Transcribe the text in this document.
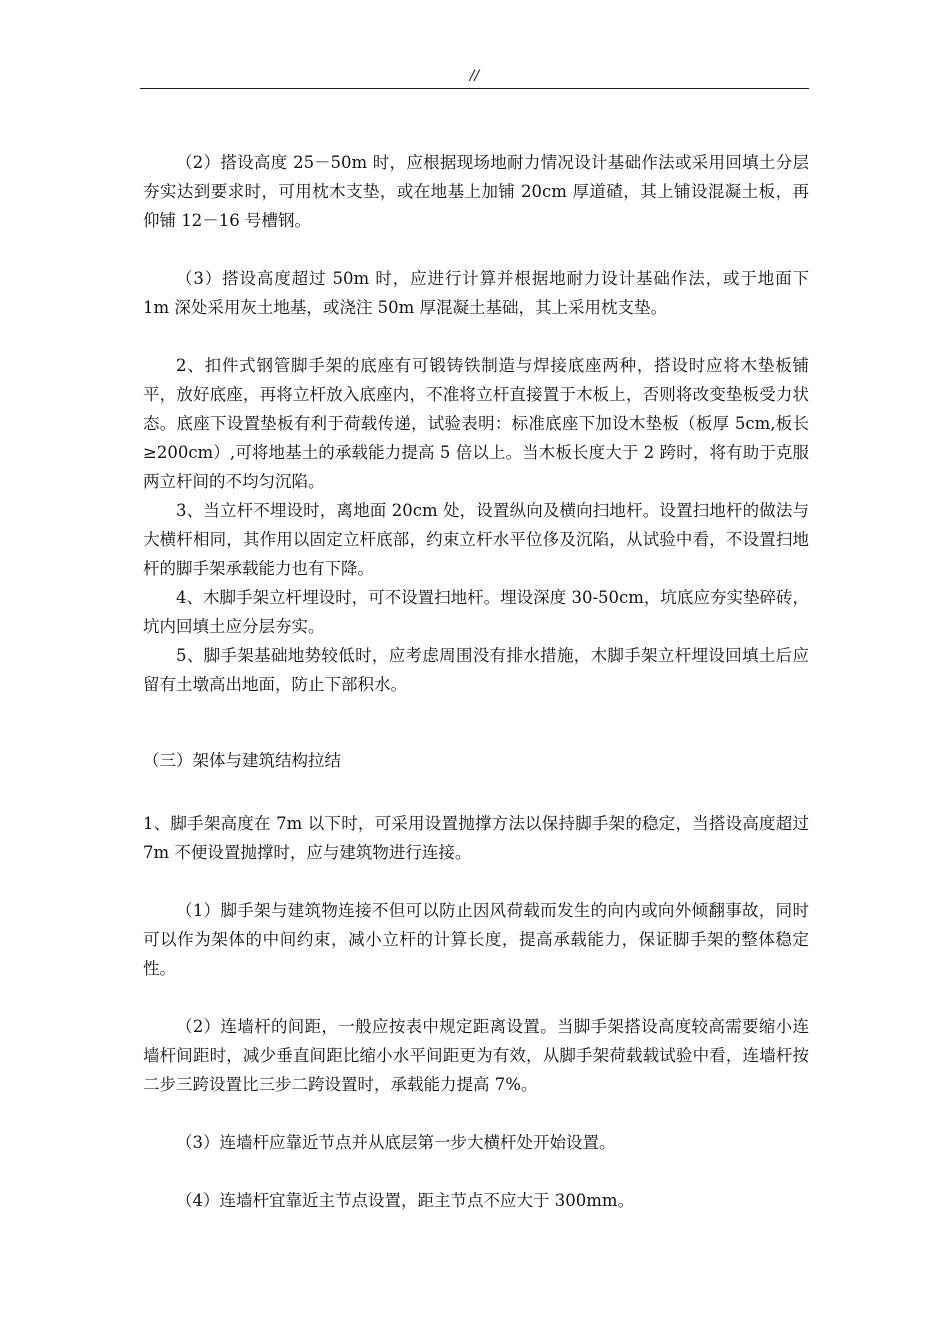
//

（2）搭设高度 25－50m 时，应根据现场地耐力情况设计基础作法或采用回填土分层夯实达到要求时，可用枕木支垫，或在地基上加铺 20cm 厚道碴，其上铺设混凝土板，再仰铺 12－16 号槽钢。

（3）搭设高度超过 50m 时，应进行计算并根据地耐力设计基础作法，或于地面下 1m 深处采用灰土地基，或浇注 50m 厚混凝土基础，其上采用枕支垫。

2、扣件式钢管脚手架的底座有可锻铸铁制造与焊接底座两种，搭设时应将木垫板铺平，放好底座，再将立杆放入底座内，不准将立杆直接置于木板上，否则将改变垫板受力状态。底座下设置垫板有利于荷载传递，试验表明：标准底座下加设木垫板（板厚 5cm,板长≥200cm）,可将地基土的承载能力提高 5 倍以上。当木板长度大于 2 跨时，将有助于克服两立杆间的不均匀沉陷。

3、当立杆不埋设时，离地面 20cm 处，设置纵向及横向扫地杆。设置扫地杆的做法与大横杆相同，其作用以固定立杆底部，约束立杆水平位侈及沉陷，从试验中看，不设置扫地杆的脚手架承载能力也有下降。

4、木脚手架立杆埋设时，可不设置扫地杆。埋设深度 30-50cm，坑底应夯实垫碎砖，坑内回填土应分层夯实。

5、脚手架基础地势较低时，应考虑周围没有排水措施，木脚手架立杆埋设回填土后应留有土墩高出地面，防止下部积水。

（三）架体与建筑结构拉结

1、脚手架高度在 7m 以下时，可采用设置抛撑方法以保持脚手架的稳定，当搭设高度超过 7m 不便设置抛撑时，应与建筑物进行连接。

（1）脚手架与建筑物连接不但可以防止因风荷载而发生的向内或向外倾翻事故，同时可以作为架体的中间约束，减小立杆的计算长度，提高承载能力，保证脚手架的整体稳定性。

（2）连墙杆的间距，一般应按表中规定距离设置。当脚手架搭设高度较高需要缩小连墙杆间距时，减少垂直间距比缩小水平间距更为有效，从脚手架荷载载试验中看，连墙杆按二步三跨设置比三步二跨设置时，承载能力提高 7%。

（3）连墙杆应靠近节点并从底层第一步大横杆处开始设置。

（4）连墙杆宜靠近主节点设置，距主节点不应大于 300mm。
